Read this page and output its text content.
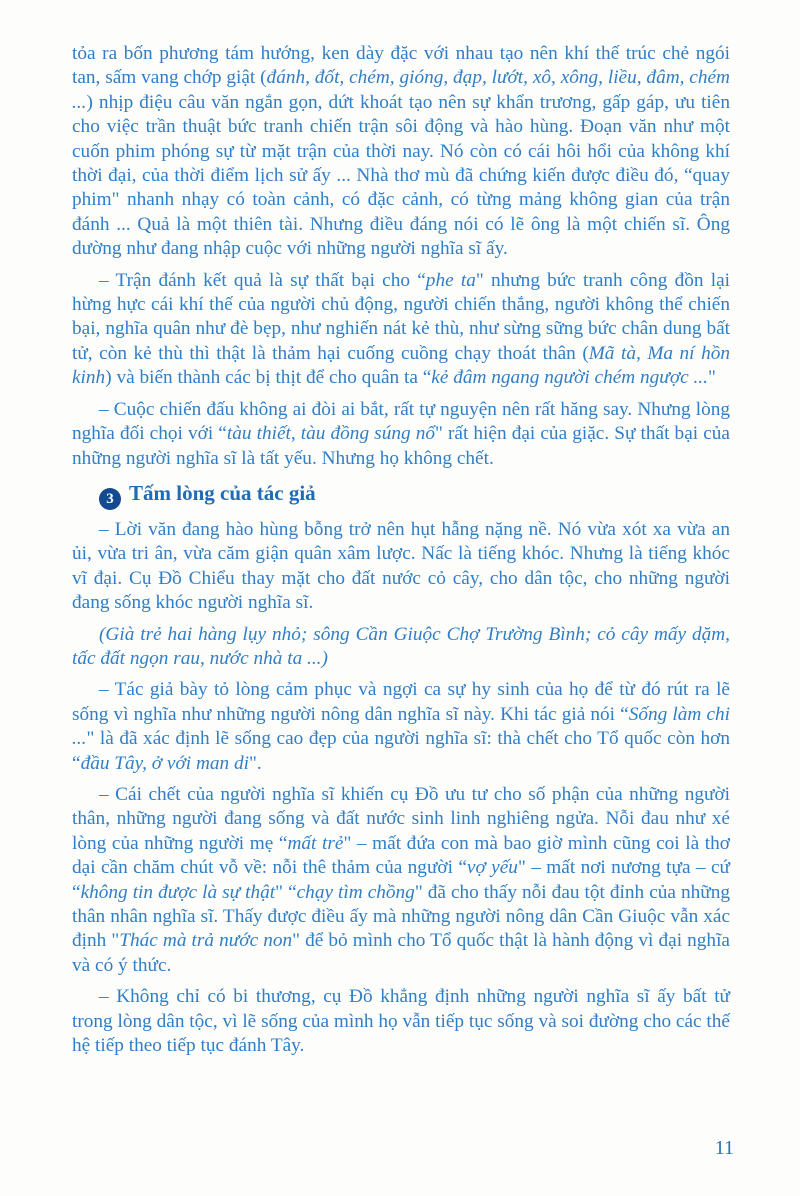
tỏa ra bốn phương tám hướng, ken dày đặc với nhau tạo nên khí thế trúc chẻ ngói tan, sấm vang chớp giật (đánh, đốt, chém, gióng, đạp, lướt, xô, xông, liều, đâm, chém ...) nhịp điệu câu văn ngắn gọn, dứt khoát tạo nên sự khẩn trương, gấp gáp, ưu tiên cho việc trần thuật bức tranh chiến trận sôi động và hào hùng. Đoạn văn như một cuốn phim phóng sự từ mặt trận của thời nay. Nó còn có cái hôi hổi của không khí thời đại, của thời điểm lịch sử ấy ... Nhà thơ mù đã chứng kiến được điều đó, “quay phim" nhanh nhạy có toàn cảnh, có đặc cảnh, có từng mảng không gian của trận đánh ... Quả là một thiên tài. Nhưng điều đáng nói có lẽ ông là một chiến sĩ. Ông dường như đang nhập cuộc với những người nghĩa sĩ ấy.

– Trận đánh kết quả là sự thất bại cho “phe ta" nhưng bức tranh công đồn lại hừng hực cái khí thế của người chủ động, người chiến thắng, người không thể chiến bại, nghĩa quân như đè bẹp, như nghiến nát kẻ thù, như sừng sững bức chân dung bất tử, còn kẻ thù thì thật là thảm hại cuống cuồng chạy thoát thân (Mã tà, Ma ní hồn kinh) và biến thành các bị thịt để cho quân ta “kẻ đâm ngang người chém ngược ..."

– Cuộc chiến đấu không ai đòi ai bắt, rất tự nguyện nên rất hăng say. Nhưng lòng nghĩa đối chọi với “tàu thiết, tàu đồng súng nổ" rất hiện đại của giặc. Sự thất bại của những người nghĩa sĩ là tất yếu. Nhưng họ không chết.

3 Tấm lòng của tác giả

– Lời văn đang hào hùng bỗng trở nên hụt hẫng nặng nề. Nó vừa xót xa vừa an ủi, vừa tri ân, vừa căm giận quân xâm lược. Nấc là tiếng khóc. Nhưng là tiếng khóc vĩ đại. Cụ Đồ Chiểu thay mặt cho đất nước cỏ cây, cho dân tộc, cho những người đang sống khóc người nghĩa sĩ.

(Già trẻ hai hàng lụy nhỏ; sông Cần Giuộc Chợ Trường Bình; cỏ cây mấy dặm, tấc đất ngọn rau, nước nhà ta ...)

– Tác giả bày tỏ lòng cảm phục và ngợi ca sự hy sinh của họ để từ đó rút ra lẽ sống vì nghĩa như những người nông dân nghĩa sĩ này. Khi tác giả nói “Sống làm chi ..." là đã xác định lẽ sống cao đẹp của người nghĩa sĩ: thà chết cho Tổ quốc còn hơn “đầu Tây, ở với man di".

– Cái chết của người nghĩa sĩ khiến cụ Đồ ưu tư cho số phận của những người thân, những người đang sống và đất nước sinh linh nghiêng ngửa. Nỗi đau như xé lòng của những người mẹ “mất trẻ" – mất đứa con mà bao giờ mình cũng coi là thơ dại cần chăm chút vỗ về: nỗi thê thảm của người “vợ yếu" – mất nơi nương tựa – cứ “không tin được là sự thật" “chạy tìm chồng" đã cho thấy nỗi đau tột đỉnh của những thân nhân nghĩa sĩ. Thấy được điều ấy mà những người nông dân Cần Giuộc vẫn xác định "Thác mà trả nước non" để bỏ mình cho Tổ quốc thật là hành động vì đại nghĩa và có ý thức.

– Không chỉ có bi thương, cụ Đồ khẳng định những người nghĩa sĩ ấy bất tử trong lòng dân tộc, vì lẽ sống của mình họ vẫn tiếp tục sống và soi đường cho các thế hệ tiếp theo tiếp tục đánh Tây.

11
